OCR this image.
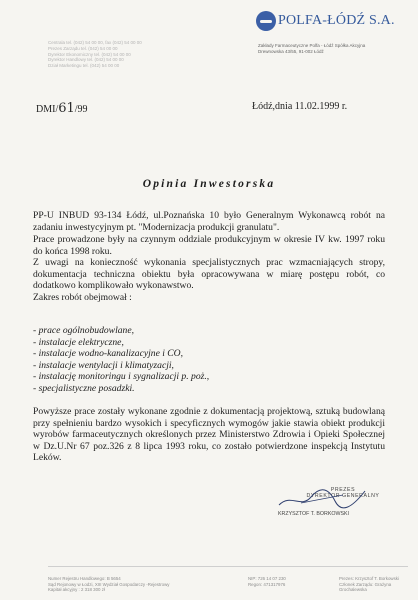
POLFA-ŁÓDŹ S.A.
Zakłady Farmaceutyczne Polfa - Łódź Spółka Akcyjna
Drewnowska 43/55, 91-002 Łódź
Centrala tel. (042) 54 00 00, fax (042) 54 00 00
Prezes Zarządu tel. (042) 54 00 00
Dyrektor Ekonomiczny tel. (042) 54 00 00
Dyrektor Handlowy tel. (042) 54 00 00
Dział Marketingu tel. (042) 54 00 00
DMI/61/99	Łódź,dnia 11.02.1999 r.
Opinia Inwestorska
PP-U INBUD 93-134 Łódź, ul.Poznańska 10 było Generalnym Wykonawcą robót na zadaniu inwestycyjnym pt. "Modernizacja produkcji granulatu".
Prace prowadzone były na czynnym oddziale produkcyjnym w okresie IV kw. 1997 roku do końca 1998 roku.
Z uwagi na konieczność wykonania specjalistycznych prac wzmacniających stropy, dokumentacja techniczna obiektu była opracowywana w miarę postępu robót, co dodatkowo komplikowało wykonawstwo.
Zakres robót obejmował :
- prace ogólnobudowlane,
- instalacje elektryczne,
- instalacje wodno-kanalizacyjne i CO,
- instalacje wentylacji i klimatyzacji,
- instalację monitoringu i sygnalizacji p. poż.,
- specjalistyczne posadzki.
Powyższe prace zostały wykonane zgodnie z dokumentacją projektową, sztuką budowlaną przy spełnieniu bardzo wysokich i specyficznych wymogów jakie stawia obiekt produkcji wyrobów farmaceutycznych określonych przez Ministerstwo Zdrowia i Opieki Społecznej w Dz.U.Nr 67 poz.326 z 8 lipca 1993 roku, co zostało potwierdzone inspekcją Instytutu Leków.
PREZES
DYREKTOR GENERALNY
KRZYSZTOF T. BORKOWSKI
Numer Rejestru Handlowego: B 5654
Sąd Rejonowy w Łodzi, XIII Wydział Gospodarczy -Rejestrowy
Kapitał akcyjny : 2 318 300 zł
NIP: 726 14 07 230
Regon: 471317976
Prezes: Krzysztof T. Borkowski
Członek Zarządu: Grażyna Grochalewska
